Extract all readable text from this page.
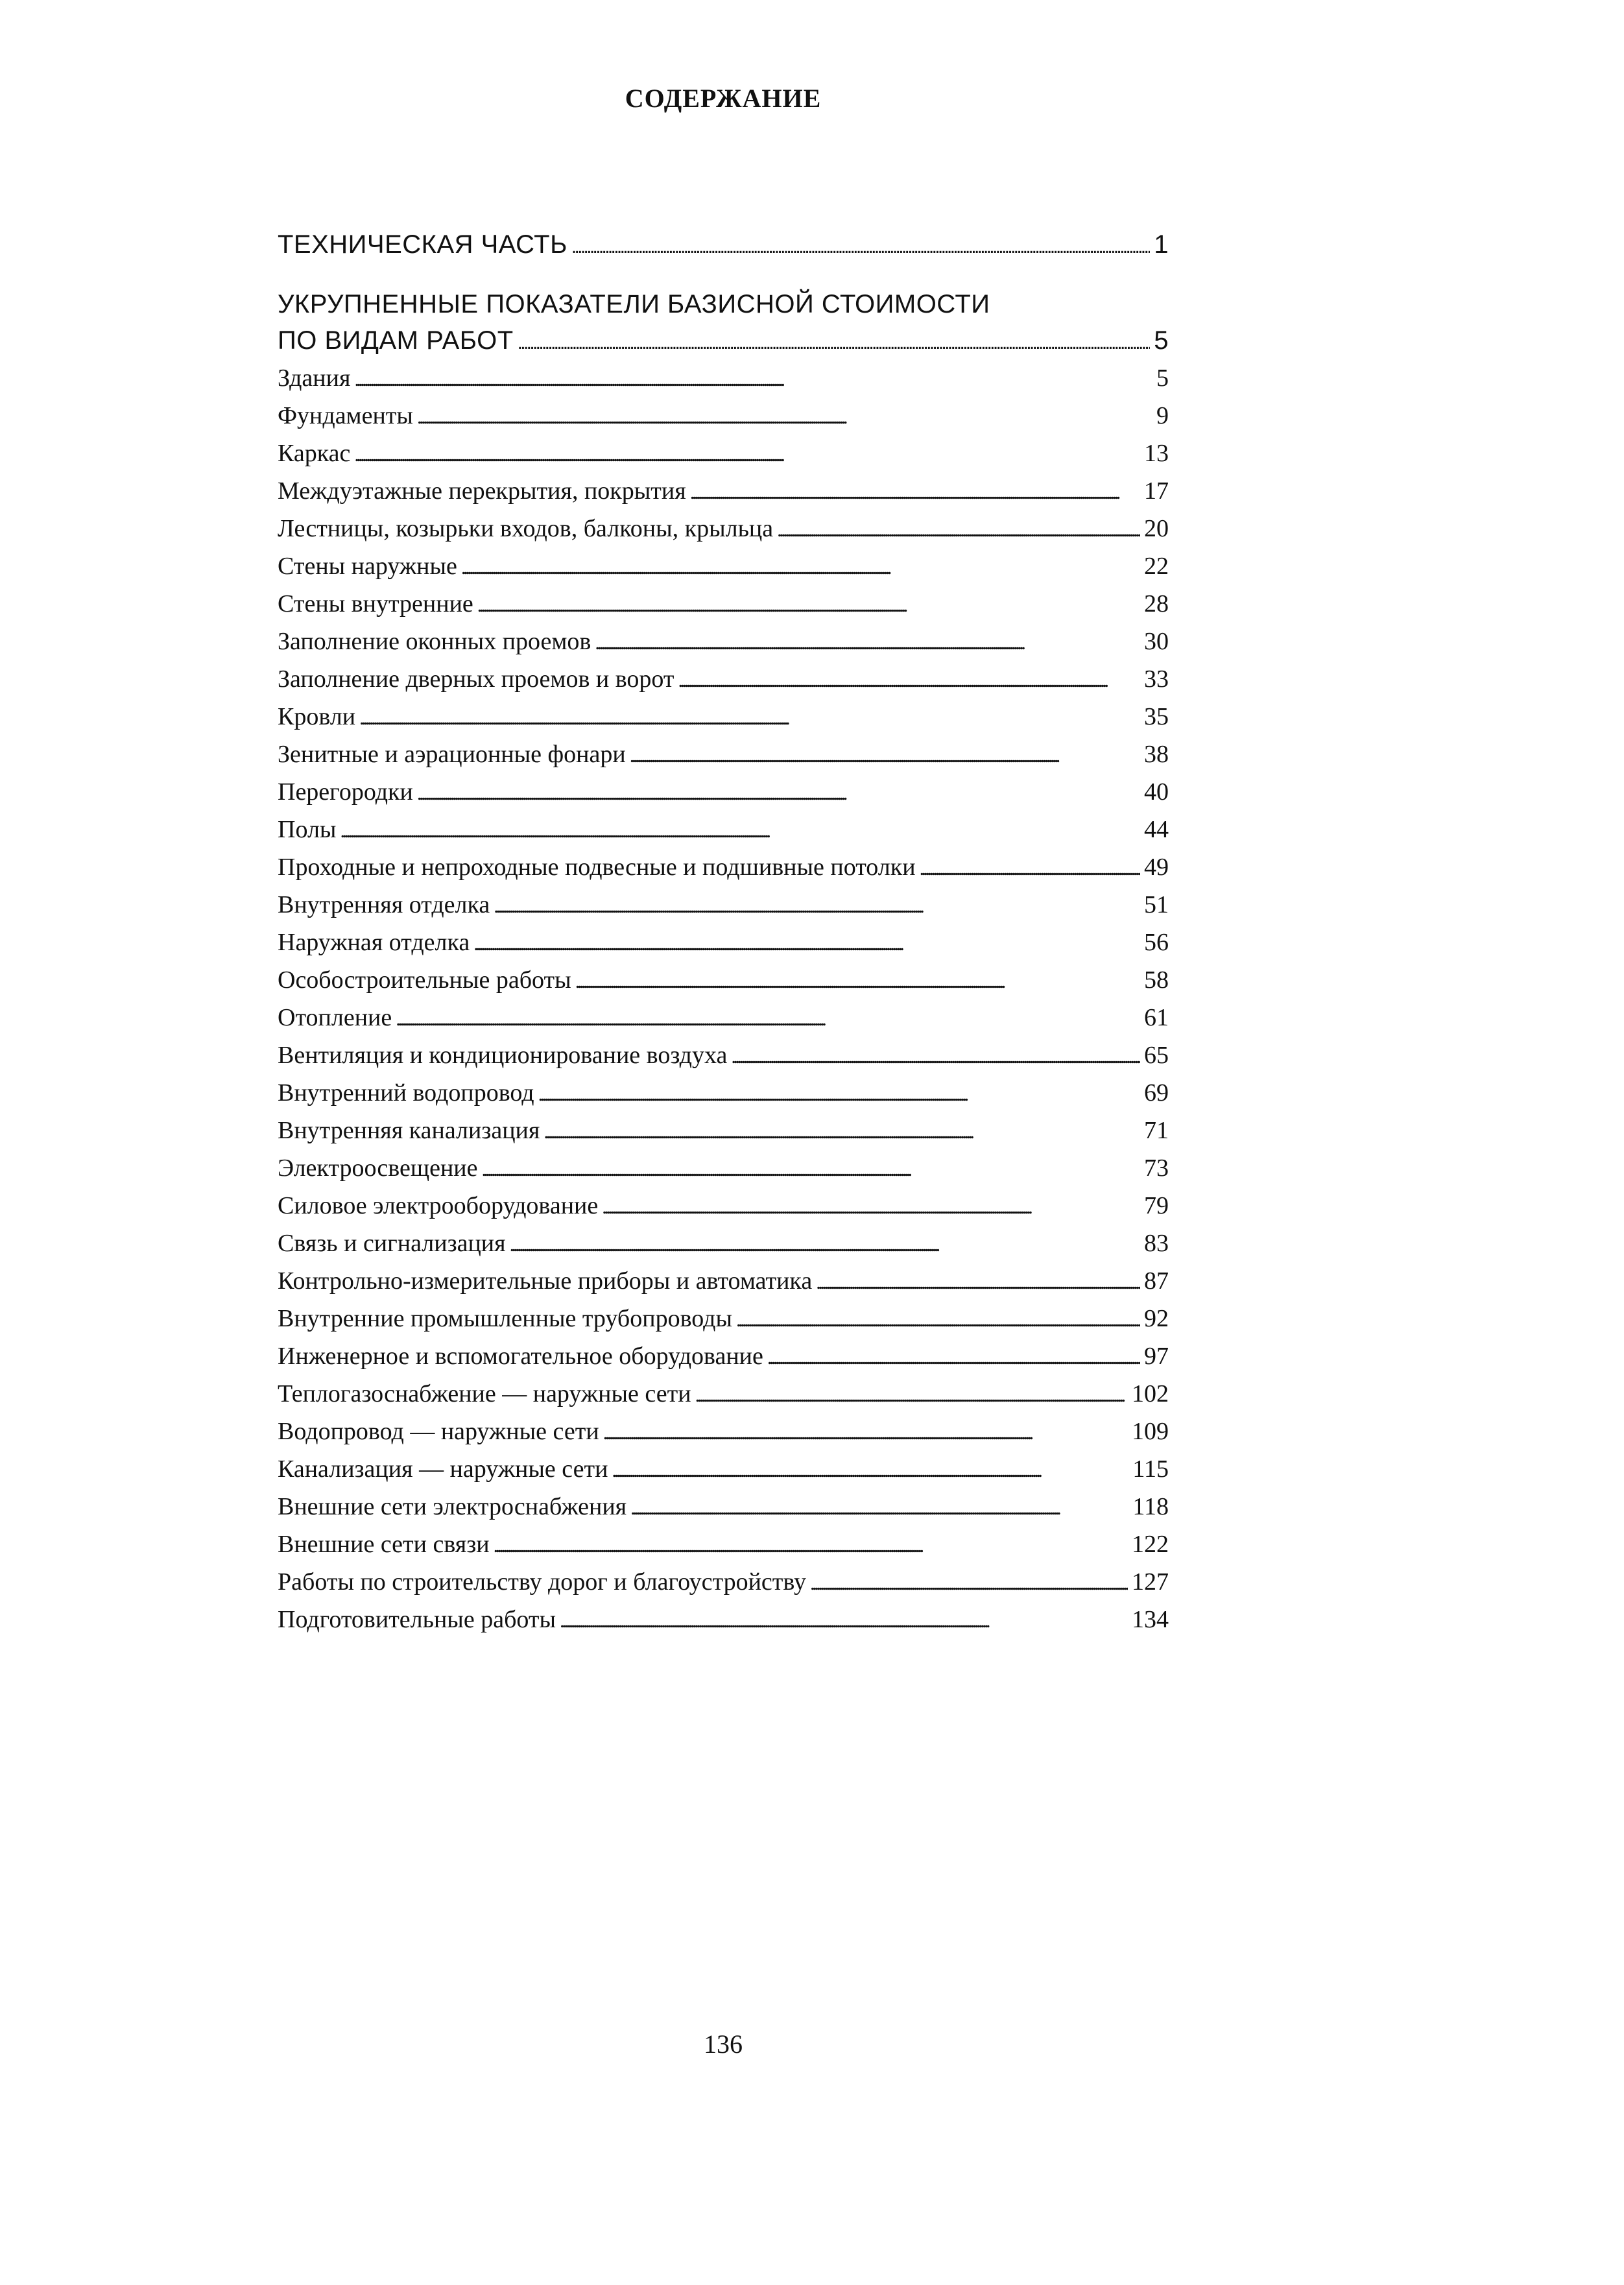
СОДЕРЖАНИЕ
ТЕХНИЧЕСКАЯ ЧАСТЬ . . .	1
УКРУПНЕННЫЕ ПОКАЗАТЕЛИ БАЗИСНОЙ СТОИМОСТИ
ПО ВИДАМ РАБОТ . . .	5
Здания . . .	5
Фундаменты . . .	9
Каркас . . .	13
Междуэтажные перекрытия, покрытия . . .	17
Лестницы, козырьки входов, балконы, крыльца . . .	20
Стены наружные . . .	22
Стены внутренние . . .	28
Заполнение оконных проемов . . .	30
Заполнение дверных проемов и ворот . . .	33
Кровли . . .	35
Зенитные и аэрационные фонари . . .	38
Перегородки . . .	40
Полы . . .	44
Проходные и непроходные подвесные и подшивные потолки . . .	49
Внутренняя отделка . . .	51
Наружная отделка . . .	56
Особостроительные работы . . .	58
Отопление . . .	61
Вентиляция и кондиционирование воздуха . . .	65
Внутренний водопровод . . .	69
Внутренняя канализация . . .	71
Электроосвещение . . .	73
Силовое электрооборудование . . .	79
Связь и сигнализация . . .	83
Контрольно-измерительные приборы и автоматика . . .	87
Внутренние промышленные трубопроводы . . .	92
Инженерное и вспомогательное оборудование . . .	97
Теплогазоснабжение — наружные сети . . .	102
Водопровод — наружные сети . . .	109
Канализация — наружные сети . . .	115
Внешние сети электроснабжения . . .	118
Внешние сети связи . . .	122
Работы по строительству дорог и благоустройству . . .	127
Подготовительные работы . . .	134
136
